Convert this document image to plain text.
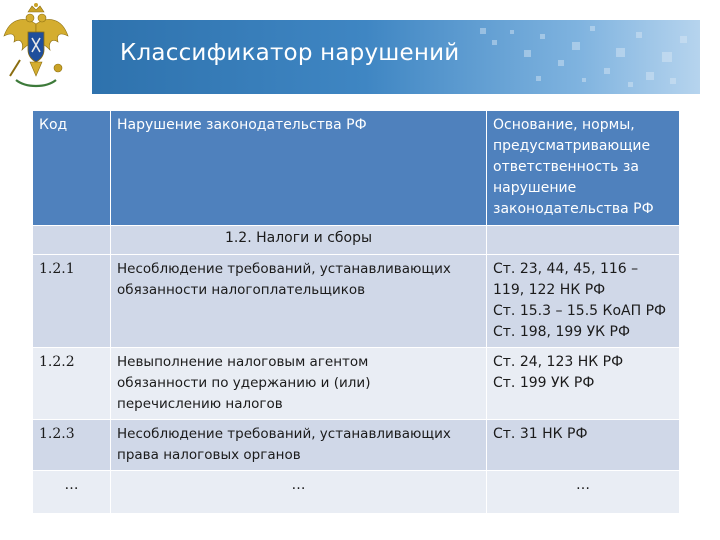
Классификатор нарушений
Код	Нарушение законодательства РФ	Основание, нормы,
предусматривающие
ответственность за
нарушение
законодательства РФ

	1.2. Налоги и сборы	
1.2.1	Несоблюдение требований, устанавливающих
обязанности налогоплательщиков	Ст. 23, 44, 45, 116 –
119, 122 НК РФ
Ст. 15.3 – 15.5 КоАП РФ
Ст. 198, 199 УК РФ

1.2.2	Невыполнение налоговым агентом
обязанности по удержанию и (или)
перечислению налогов	Ст. 24, 123 НК РФ
Ст. 199 УК РФ

1.2.3	Несоблюдение требований, устанавливающих
права налоговых органов	Ст. 31 НК РФ

…	…	…
